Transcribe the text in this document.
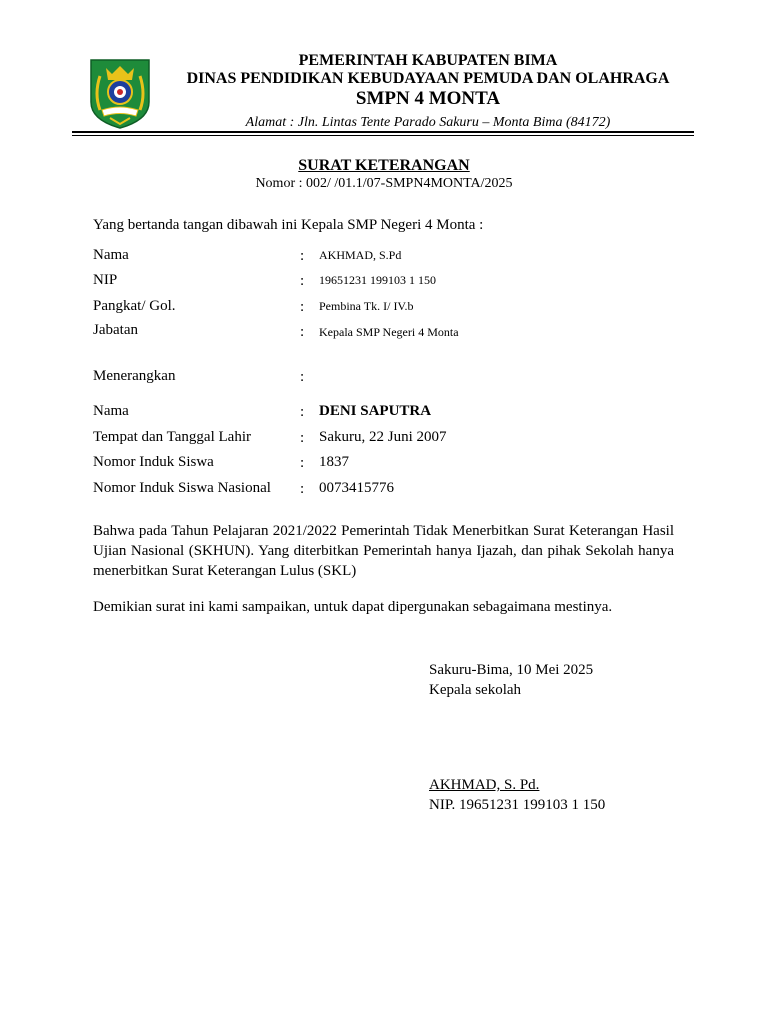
PEMERINTAH KABUPATEN BIMA
DINAS PENDIDIKAN KEBUDAYAAN PEMUDA DAN OLAHRAGA
SMPN 4 MONTA
Alamat : Jln. Lintas Tente Parado Sakuru – Monta Bima (84172)
SURAT KETERANGAN
Nomor : 002/ /01.1/07-SMPN4MONTA/2025
Yang bertanda tangan dibawah ini Kepala SMP Negeri 4 Monta :
Nama	: AKHMAD, S.Pd
NIP	: 19651231 199103 1 150
Pangkat/ Gol.	: Pembina Tk. I/ IV.b
Jabatan	: Kepala SMP Negeri 4 Monta
Menerangkan	:
Nama	: DENI SAPUTRA
Tempat dan Tanggal Lahir	: Sakuru, 22 Juni 2007
Nomor Induk Siswa	: 1837
Nomor Induk Siswa Nasional : 0073415776
Bahwa pada Tahun Pelajaran 2021/2022 Pemerintah Tidak Menerbitkan Surat Keterangan Hasil Ujian Nasional (SKHUN). Yang diterbitkan Pemerintah hanya Ijazah, dan pihak Sekolah hanya menerbitkan Surat Keterangan Lulus (SKL)
Demikian surat ini kami sampaikan, untuk dapat dipergunakan sebagaimana mestinya.
Sakuru-Bima, 10 Mei 2025
Kepala sekolah
AKHMAD, S. Pd.
NIP. 19651231 199103 1 150
